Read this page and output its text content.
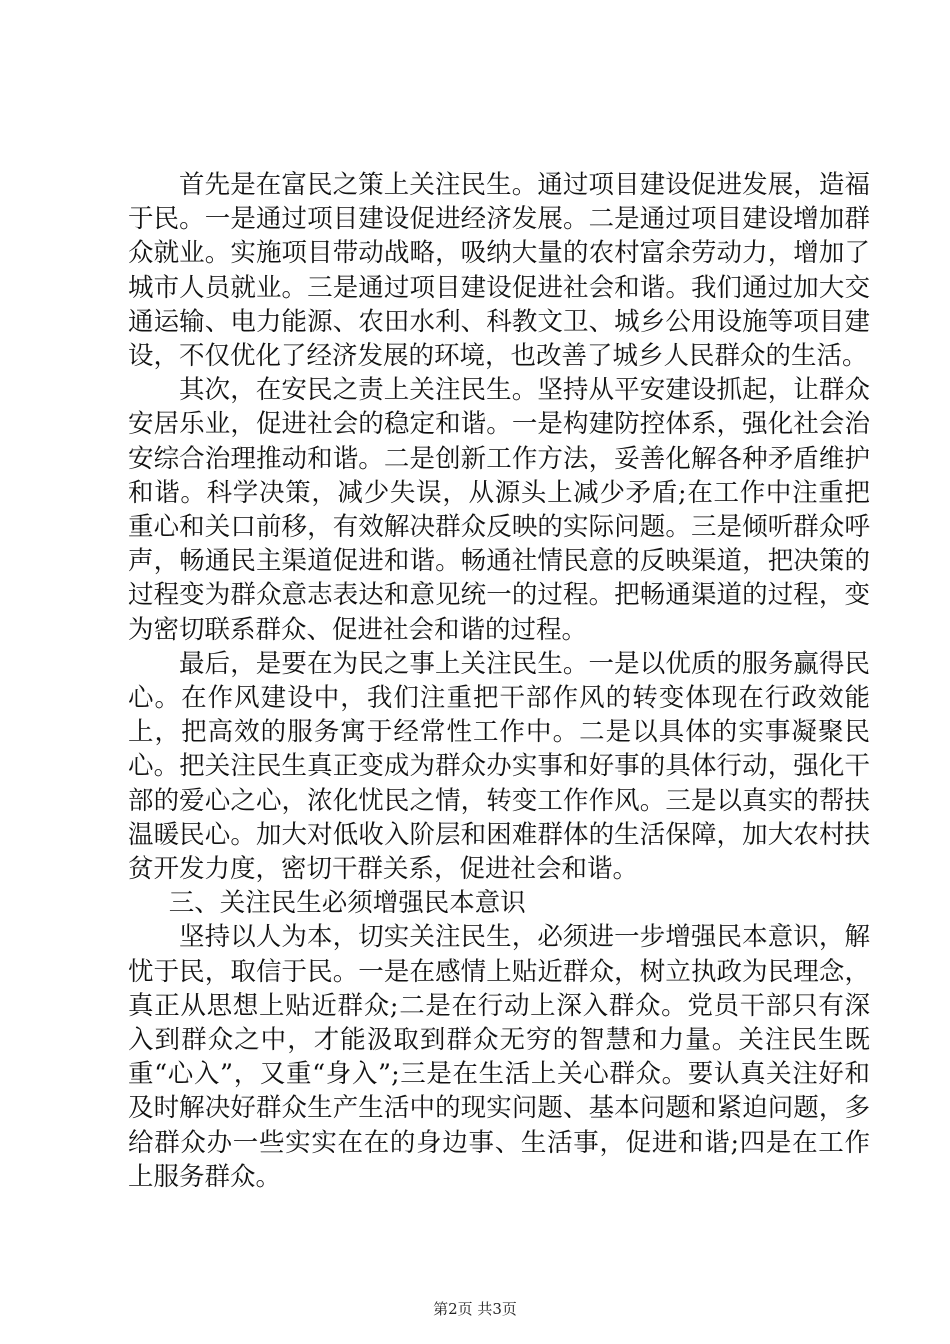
首先是在富民之策上关注民生。通过项目建设促进发展，造福于民。一是通过项目建设促进经济发展。二是通过项目建设增加群众就业。实施项目带动战略，吸纳大量的农村富余劳动力，增加了城市人员就业。三是通过项目建设促进社会和谐。我们通过加大交通运输、电力能源、农田水利、科教文卫、城乡公用设施等项目建设，不仅优化了经济发展的环境，也改善了城乡人民群众的生活。

其次，在安民之责上关注民生。坚持从平安建设抓起，让群众安居乐业，促进社会的稳定和谐。一是构建防控体系，强化社会治安综合治理推动和谐。二是创新工作方法，妥善化解各种矛盾维护和谐。科学决策，减少失误，从源头上减少矛盾;在工作中注重把重心和关口前移，有效解决群众反映的实际问题。三是倾听群众呼声，畅通民主渠道促进和谐。畅通社情民意的反映渠道，把决策的过程变为群众意志表达和意见统一的过程。把畅通渠道的过程，变为密切联系群众、促进社会和谐的过程。

最后，是要在为民之事上关注民生。一是以优质的服务赢得民心。在作风建设中，我们注重把干部作风的转变体现在行政效能上，把高效的服务寓于经常性工作中。二是以具体的实事凝聚民心。把关注民生真正变成为群众办实事和好事的具体行动，强化干部的爱心之心，浓化忧民之情，转变工作作风。三是以真实的帮扶温暖民心。加大对低收入阶层和困难群体的生活保障，加大农村扶贫开发力度，密切干群关系，促进社会和谐。

三、关注民生必须增强民本意识

坚持以人为本，切实关注民生，必须进一步增强民本意识，解忧于民，取信于民。一是在感情上贴近群众，树立执政为民理念，真正从思想上贴近群众;二是在行动上深入群众。党员干部只有深入到群众之中，才能汲取到群众无穷的智慧和力量。关注民生既重“心入”，又重“身入”;三是在生活上关心群众。要认真关注好和及时解决好群众生产生活中的现实问题、基本问题和紧迫问题，多给群众办一些实实在在的身边事、生活事，促进和谐;四是在工作上服务群众。

第2页 共3页
